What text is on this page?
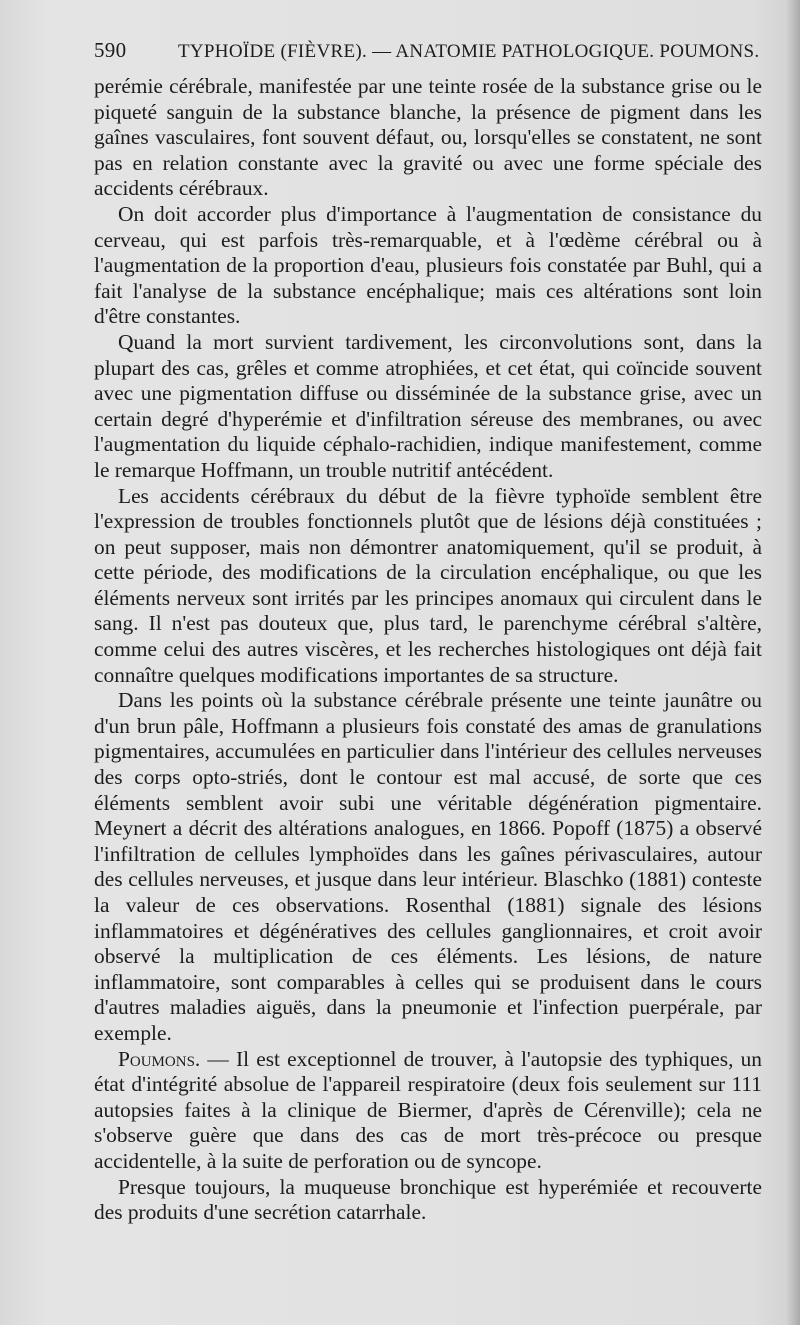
590	TYPHOÏDE (FIÈVRE). — ANATOMIE PATHOLOGIQUE. POUMONS.

perémie cérébrale, manifestée par une teinte rosée de la substance grise ou le piqueté sanguin de la substance blanche, la présence de pigment dans les gaînes vasculaires, font souvent défaut, ou, lorsqu'elles se constatent, ne sont pas en relation constante avec la gravité ou avec une forme spéciale des accidents cérébraux.

On doit accorder plus d'importance à l'augmentation de consistance du cerveau, qui est parfois très-remarquable, et à l'œdème cérébral ou à l'augmentation de la proportion d'eau, plusieurs fois constatée par Buhl, qui a fait l'analyse de la substance encéphalique; mais ces altérations sont loin d'être constantes.

Quand la mort survient tardivement, les circonvolutions sont, dans la plupart des cas, grêles et comme atrophiées, et cet état, qui coïncide souvent avec une pigmentation diffuse ou disséminée de la substance grise, avec un certain degré d'hyperémie et d'infiltration séreuse des membranes, ou avec l'augmentation du liquide céphalo-rachidien, indique manifestement, comme le remarque Hoffmann, un trouble nutritif antécédent.

Les accidents cérébraux du début de la fièvre typhoïde semblent être l'expression de troubles fonctionnels plutôt que de lésions déjà constituées ; on peut supposer, mais non démontrer anatomiquement, qu'il se produit, à cette période, des modifications de la circulation encéphalique, ou que les éléments nerveux sont irrités par les principes anomaux qui circulent dans le sang. Il n'est pas douteux que, plus tard, le parenchyme cérébral s'altère, comme celui des autres viscères, et les recherches histologiques ont déjà fait connaître quelques modifications importantes de sa structure.

Dans les points où la substance cérébrale présente une teinte jaunâtre ou d'un brun pâle, Hoffmann a plusieurs fois constaté des amas de granulations pigmentaires, accumulées en particulier dans l'intérieur des cellules nerveuses des corps opto-striés, dont le contour est mal accusé, de sorte que ces éléments semblent avoir subi une véritable dégénération pigmentaire. Meynert a décrit des altérations analogues, en 1866. Popoff (1875) a observé l'infiltration de cellules lymphoïdes dans les gaînes périvasculaires, autour des cellules nerveuses, et jusque dans leur intérieur. Blaschko (1881) conteste la valeur de ces observations. Rosenthal (1881) signale des lésions inflammatoires et dégénératives des cellules ganglionnaires, et croit avoir observé la multiplication de ces éléments. Les lésions, de nature inflammatoire, sont comparables à celles qui se produisent dans le cours d'autres maladies aiguës, dans la pneumonie et l'infection puerpérale, par exemple.

Poumons. — Il est exceptionnel de trouver, à l'autopsie des typhiques, un état d'intégrité absolue de l'appareil respiratoire (deux fois seulement sur 111 autopsies faites à la clinique de Biermer, d'après de Cérenville); cela ne s'observe guère que dans des cas de mort très-précoce ou presque accidentelle, à la suite de perforation ou de syncope.

Presque toujours, la muqueuse bronchique est hyperémiée et recouverte des produits d'une secrétion catarrhale.
